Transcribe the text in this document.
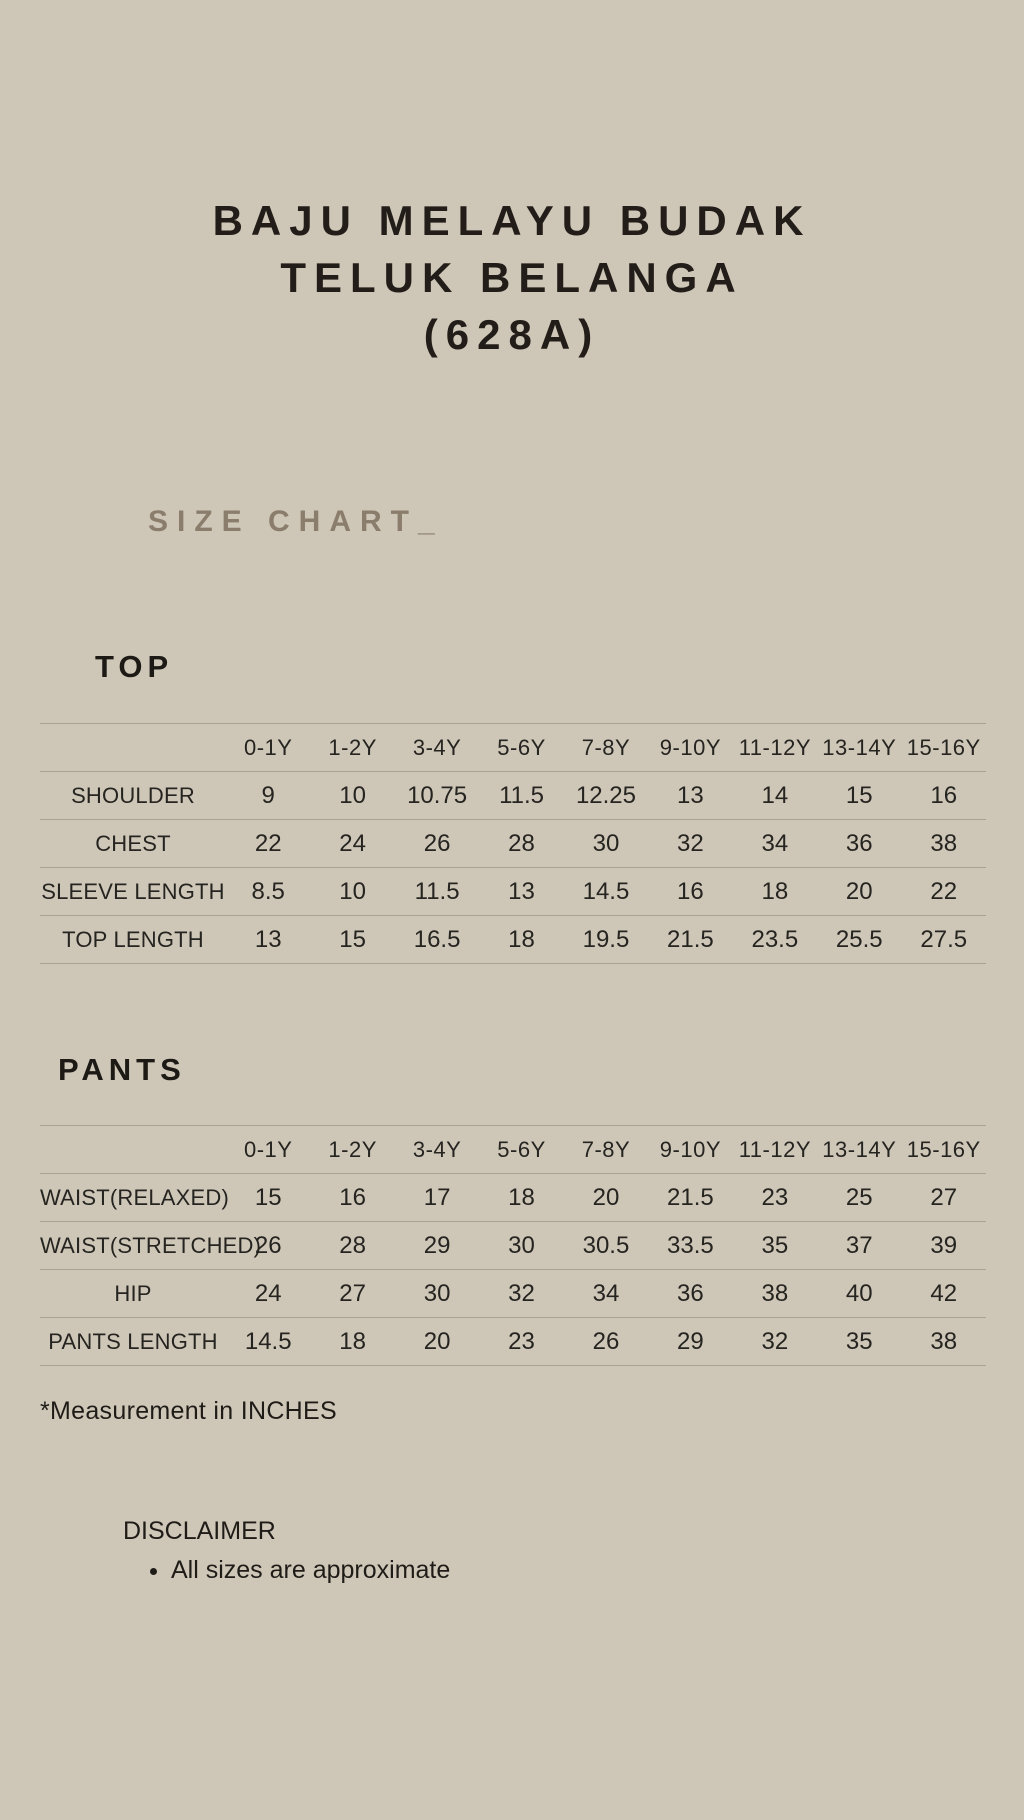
BAJU MELAYU BUDAK
TELUK BELANGA
(628A)
SIZE CHART_
TOP
	0-1Y	1-2Y	3-4Y	5-6Y	7-8Y	9-10Y	11-12Y	13-14Y	15-16Y
SHOULDER	9	10	10.75	11.5	12.25	13	14	15	16
CHEST	22	24	26	28	30	32	34	36	38
SLEEVE LENGTH	8.5	10	11.5	13	14.5	16	18	20	22
TOP LENGTH	13	15	16.5	18	19.5	21.5	23.5	25.5	27.5
PANTS
	0-1Y	1-2Y	3-4Y	5-6Y	7-8Y	9-10Y	11-12Y	13-14Y	15-16Y
WAIST(RELAXED)	15	16	17	18	20	21.5	23	25	27
WAIST(STRETCHED)	26	28	29	30	30.5	33.5	35	37	39
HIP	24	27	30	32	34	36	38	40	42
PANTS LENGTH	14.5	18	20	23	26	29	32	35	38
*Measurement in INCHES
DISCLAIMER
• All sizes are approximate
